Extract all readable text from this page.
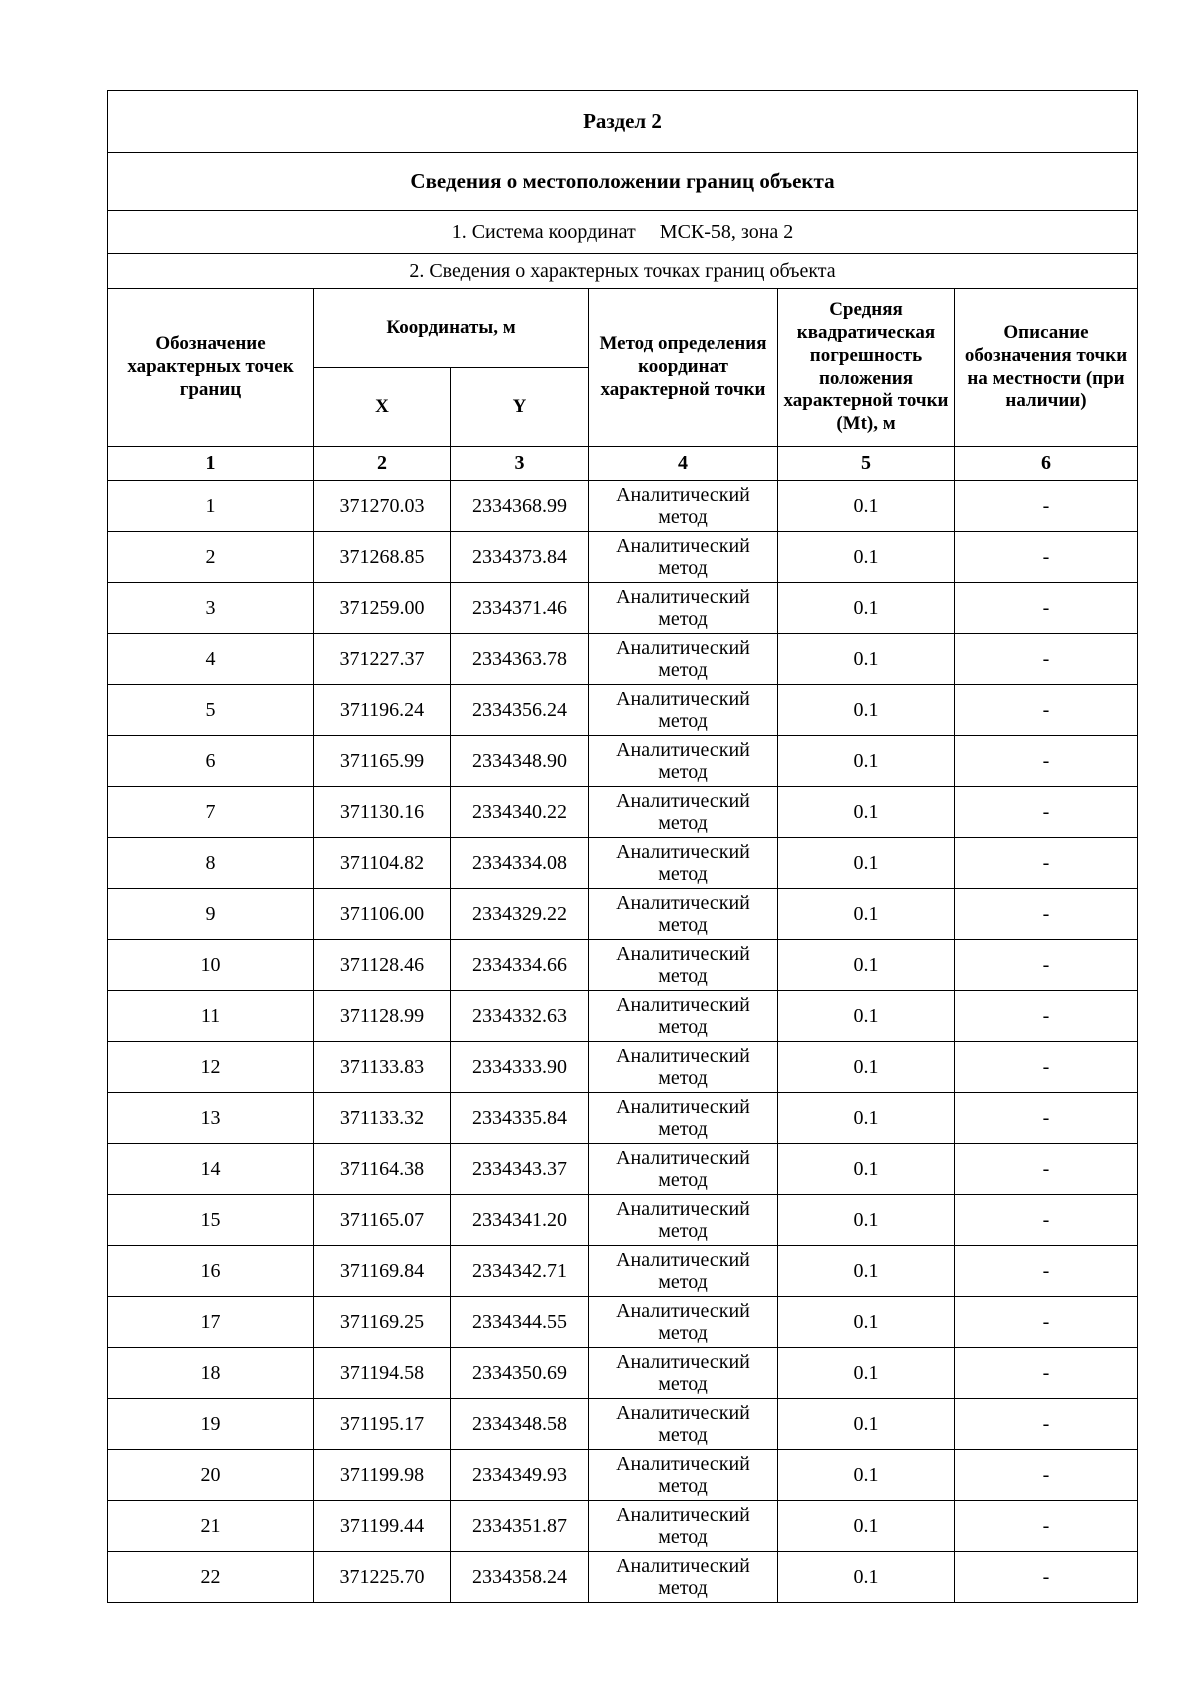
Раздел 2					
Сведения о местоположении границ объекта					
1. Система координат МСК-58, зона 2					
2. Сведения о характерных точках границ объекта					
Обозначение характерных точек границ	Координаты, м		Метод определения координат характерной точки	Средняя квадратическая погрешность положения характерной точки (Mt), м	Описание обозначения точки на местности (при наличии)
	X	Y			
1	2	3	4	5	6
1	371270.03	2334368.99	Аналитический метод	0.1	-
2	371268.85	2334373.84	Аналитический метод	0.1	-
3	371259.00	2334371.46	Аналитический метод	0.1	-
4	371227.37	2334363.78	Аналитический метод	0.1	-
5	371196.24	2334356.24	Аналитический метод	0.1	-
6	371165.99	2334348.90	Аналитический метод	0.1	-
7	371130.16	2334340.22	Аналитический метод	0.1	-
8	371104.82	2334334.08	Аналитический метод	0.1	-
9	371106.00	2334329.22	Аналитический метод	0.1	-
10	371128.46	2334334.66	Аналитический метод	0.1	-
11	371128.99	2334332.63	Аналитический метод	0.1	-
12	371133.83	2334333.90	Аналитический метод	0.1	-
13	371133.32	2334335.84	Аналитический метод	0.1	-
14	371164.38	2334343.37	Аналитический метод	0.1	-
15	371165.07	2334341.20	Аналитический метод	0.1	-
16	371169.84	2334342.71	Аналитический метод	0.1	-
17	371169.25	2334344.55	Аналитический метод	0.1	-
18	371194.58	2334350.69	Аналитический метод	0.1	-
19	371195.17	2334348.58	Аналитический метод	0.1	-
20	371199.98	2334349.93	Аналитический метод	0.1	-
21	371199.44	2334351.87	Аналитический метод	0.1	-
22	371225.70	2334358.24	Аналитический метод	0.1	-
